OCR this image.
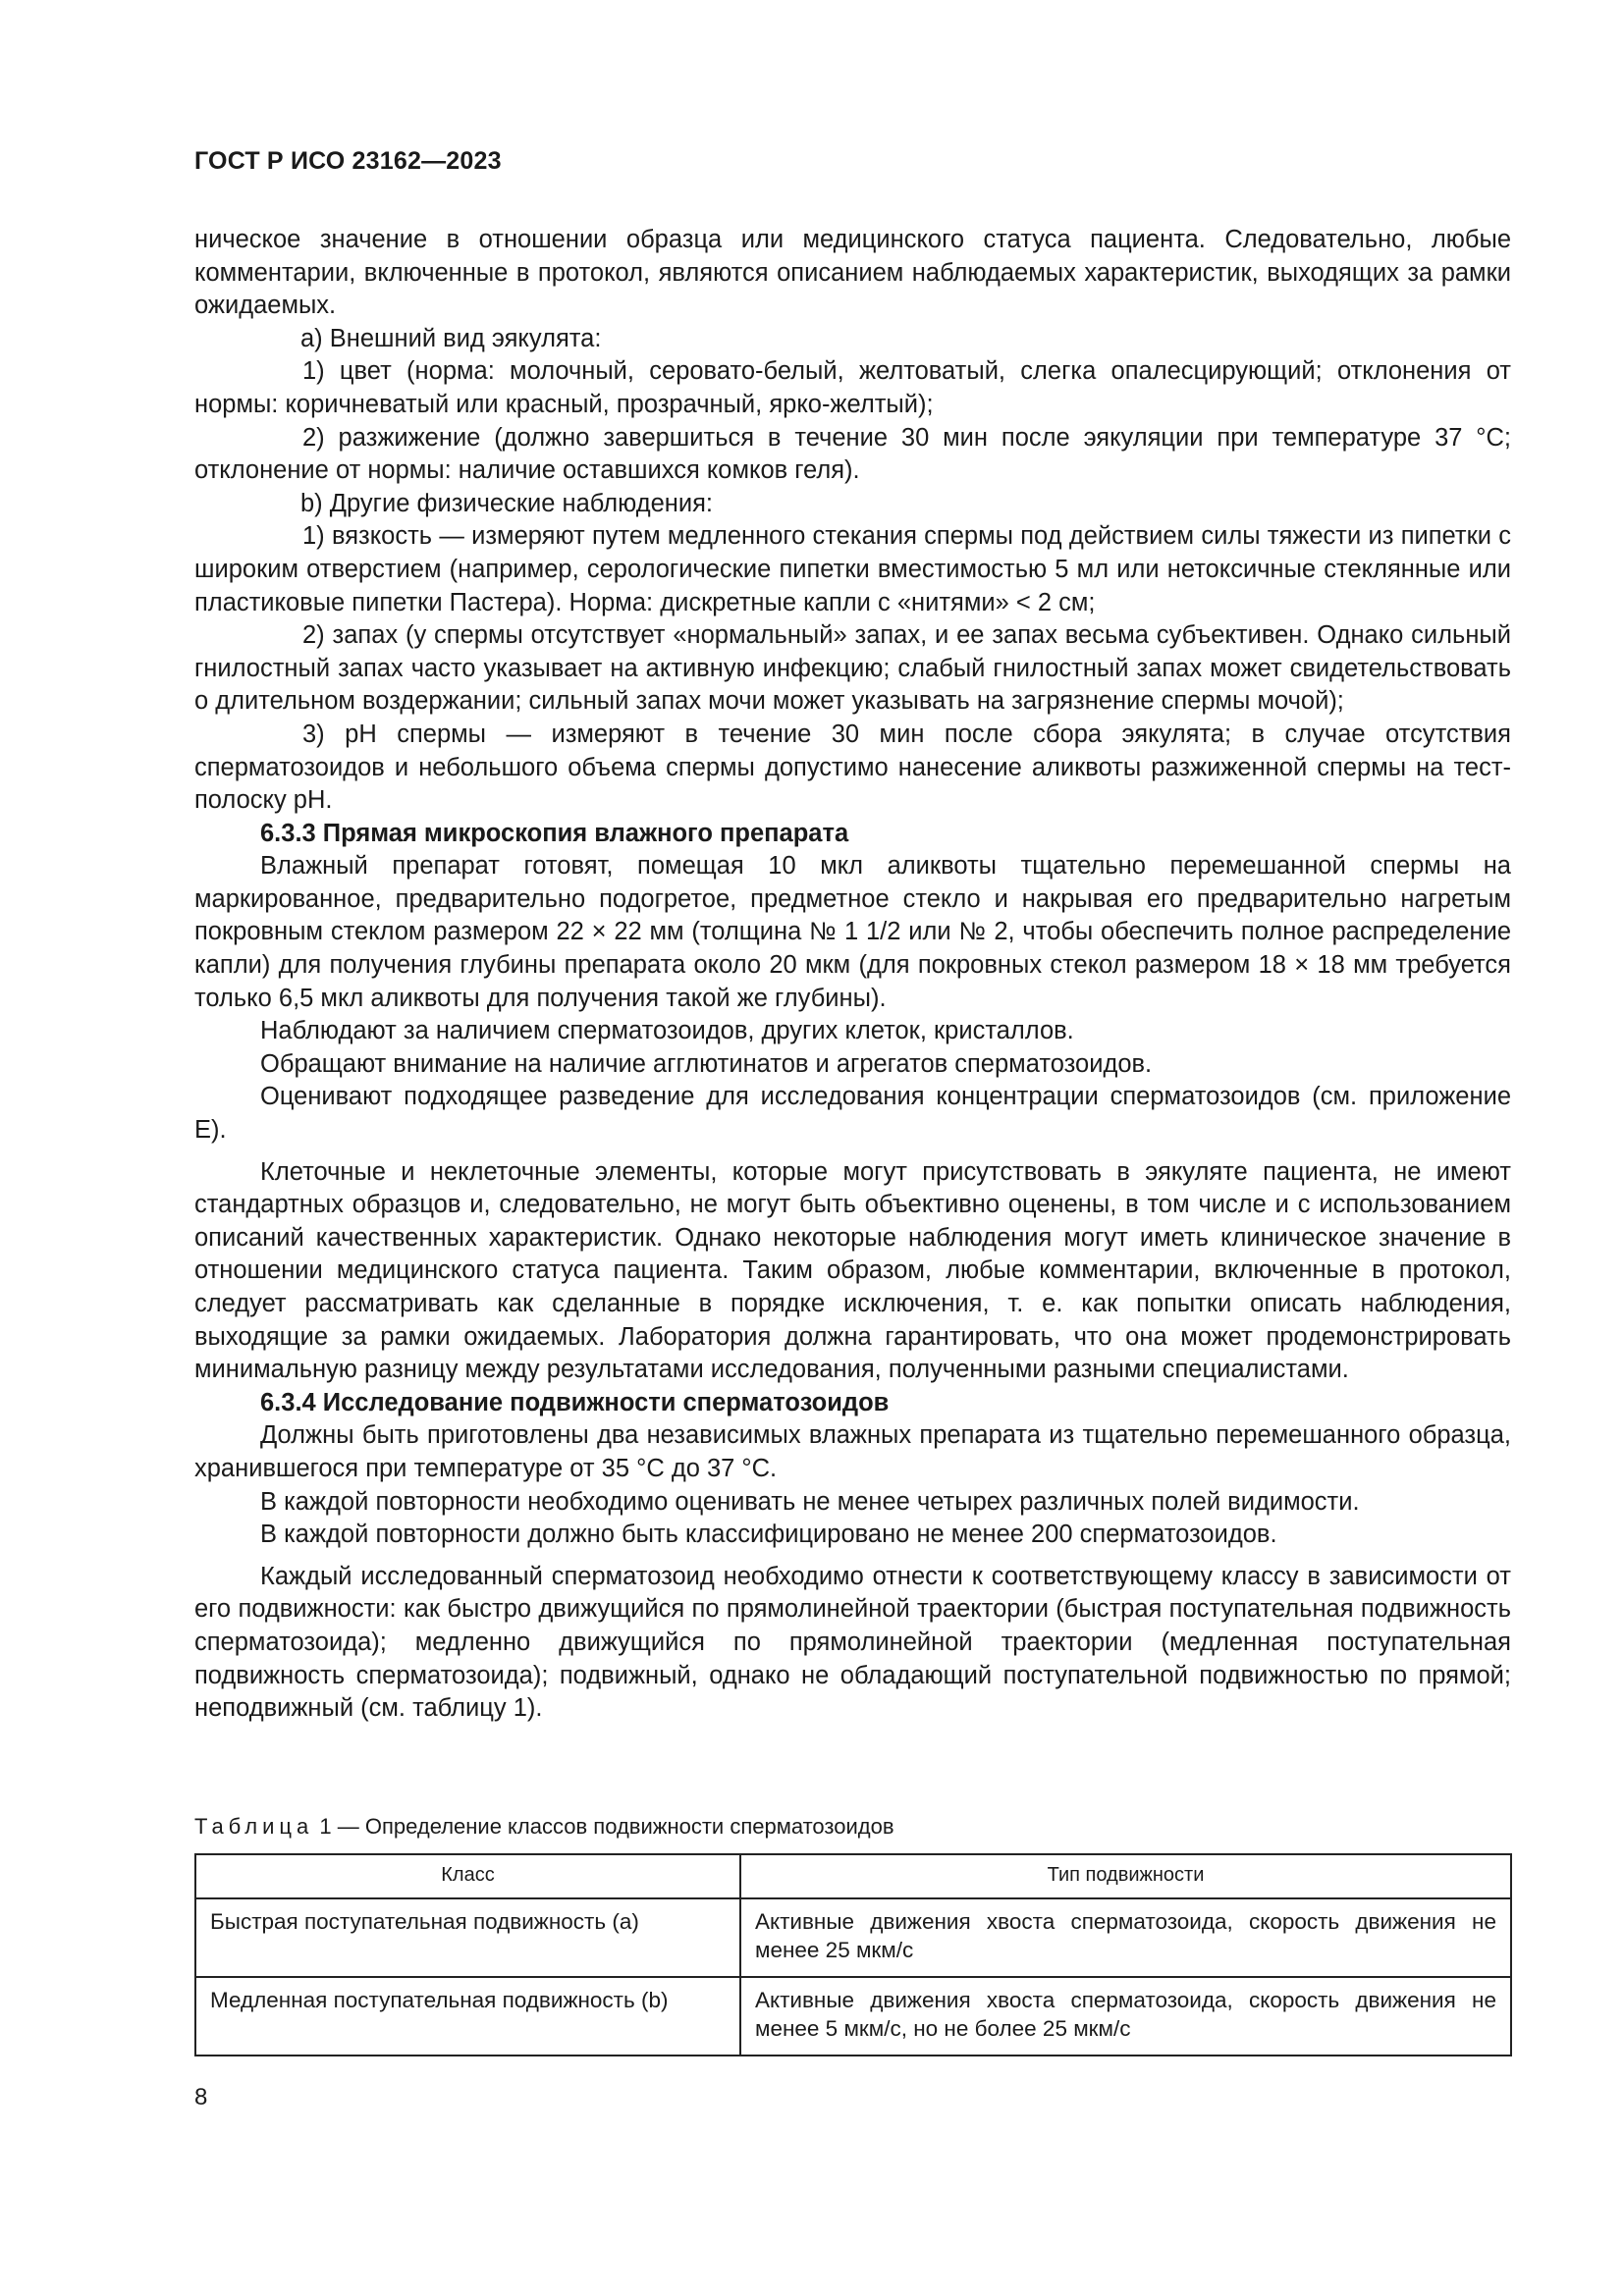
ГОСТ Р ИСО 23162—2023

ническое значение в отношении образца или медицинского статуса пациента. Следовательно, любые комментарии, включенные в протокол, являются описанием наблюдаемых характеристик, выходящих за рамки ожидаемых.

a) Внешний вид эякулята:

1) цвет (норма: молочный, серовато-белый, желтоватый, слегка опалесцирующий; отклонения от нормы: коричневатый или красный, прозрачный, ярко-желтый);

2) разжижение (должно завершиться в течение 30 мин после эякуляции при температуре 37 °C; отклонение от нормы: наличие оставшихся комков геля).

b) Другие физические наблюдения:

1) вязкость — измеряют путем медленного стекания спермы под действием силы тяжести из пипетки с широким отверстием (например, серологические пипетки вместимостью 5 мл или нетоксичные стеклянные или пластиковые пипетки Пастера). Норма: дискретные капли с «нитями» < 2 см;

2) запах (у спермы отсутствует «нормальный» запах, и ее запах весьма субъективен. Однако сильный гнилостный запах часто указывает на активную инфекцию; слабый гнилостный запах может свидетельствовать о длительном воздержании; сильный запах мочи может указывать на загрязнение спермы мочой);

3) pH спермы — измеряют в течение 30 мин после сбора эякулята; в случае отсутствия сперматозоидов и небольшого объема спермы допустимо нанесение аликвоты разжиженной спермы на тест-полоску pH.

6.3.3 Прямая микроскопия влажного препарата

Влажный препарат готовят, помещая 10 мкл аликвоты тщательно перемешанной спермы на маркированное, предварительно подогретое, предметное стекло и накрывая его предварительно нагретым покровным стеклом размером 22 × 22 мм (толщина № 1 1/2 или № 2, чтобы обеспечить полное распределение капли) для получения глубины препарата около 20 мкм (для покровных стекол размером 18 × 18 мм требуется только 6,5 мкл аликвоты для получения такой же глубины).

Наблюдают за наличием сперматозоидов, других клеток, кристаллов.

Обращают внимание на наличие агглютинатов и агрегатов сперматозоидов.

Оценивают подходящее разведение для исследования концентрации сперматозоидов (см. приложение E).

Клеточные и неклеточные элементы, которые могут присутствовать в эякуляте пациента, не имеют стандартных образцов и, следовательно, не могут быть объективно оценены, в том числе и с использованием описаний качественных характеристик. Однако некоторые наблюдения могут иметь клиническое значение в отношении медицинского статуса пациента. Таким образом, любые комментарии, включенные в протокол, следует рассматривать как сделанные в порядке исключения, т. е. как попытки описать наблюдения, выходящие за рамки ожидаемых. Лаборатория должна гарантировать, что она может продемонстрировать минимальную разницу между результатами исследования, полученными разными специалистами.

6.3.4 Исследование подвижности сперматозоидов

Должны быть приготовлены два независимых влажных препарата из тщательно перемешанного образца, хранившегося при температуре от 35 °C до 37 °C.

В каждой повторности необходимо оценивать не менее четырех различных полей видимости.

В каждой повторности должно быть классифицировано не менее 200 сперматозоидов.

Каждый исследованный сперматозоид необходимо отнести к соответствующему классу в зависимости от его подвижности: как быстро движущийся по прямолинейной траектории (быстрая поступательная подвижность сперматозоида); медленно движущийся по прямолинейной траектории (медленная поступательная подвижность сперматозоида); подвижный, однако не обладающий поступательной подвижностью по прямой; неподвижный (см. таблицу 1).

Таблица 1 — Определение классов подвижности сперматозоидов
Класс	Тип подвижности
Быстрая поступательная подвижность (a)	Активные движения хвоста сперматозоида, скорость движения не менее 25 мкм/с
Медленная поступательная подвижность (b)	Активные движения хвоста сперматозоида, скорость движения не менее 5 мкм/с, но не более 25 мкм/с
8
